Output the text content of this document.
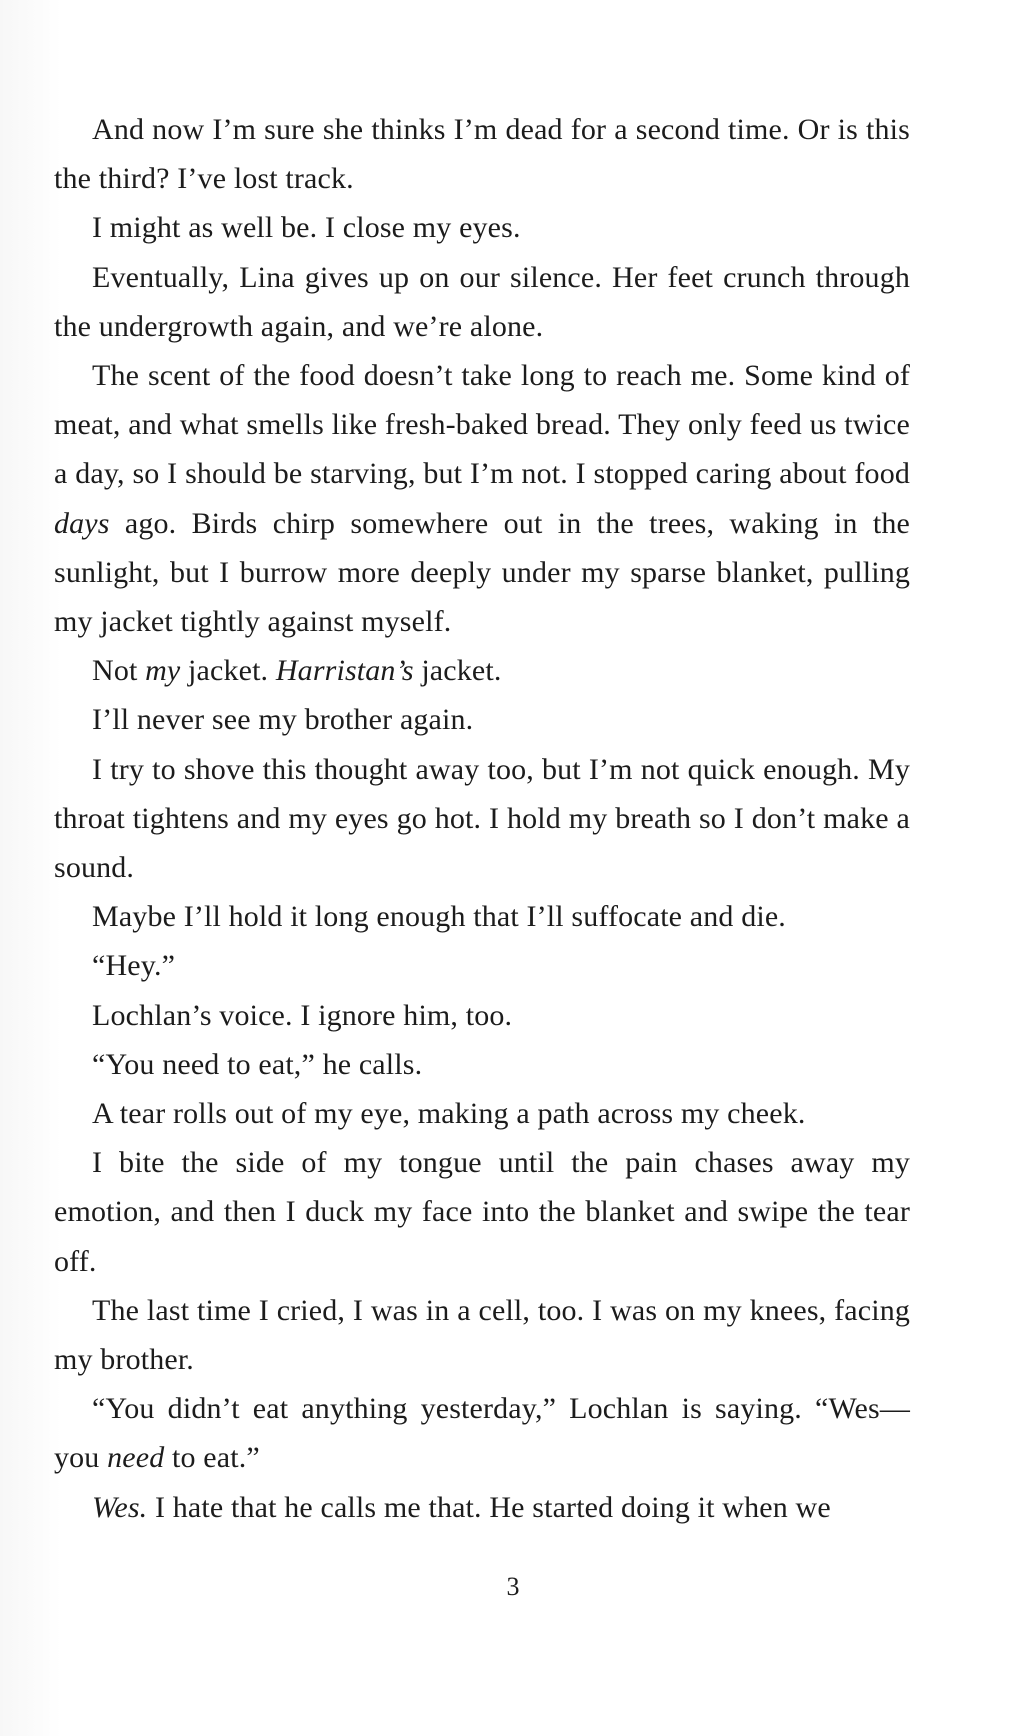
And now I’m sure she thinks I’m dead for a second time. Or is this the third? I’ve lost track.

I might as well be. I close my eyes.

Eventually, Lina gives up on our silence. Her feet crunch through the undergrowth again, and we’re alone.

The scent of the food doesn’t take long to reach me. Some kind of meat, and what smells like fresh-baked bread. They only feed us twice a day, so I should be starving, but I’m not. I stopped caring about food days ago. Birds chirp somewhere out in the trees, waking in the sunlight, but I burrow more deeply under my sparse blanket, pulling my jacket tightly against myself.

Not my jacket. Harristan’s jacket.

I’ll never see my brother again.

I try to shove this thought away too, but I’m not quick enough. My throat tightens and my eyes go hot. I hold my breath so I don’t make a sound.

Maybe I’ll hold it long enough that I’ll suffocate and die.

“Hey.”

Lochlan’s voice. I ignore him, too.

“You need to eat,” he calls.

A tear rolls out of my eye, making a path across my cheek.

I bite the side of my tongue until the pain chases away my emotion, and then I duck my face into the blanket and swipe the tear off.

The last time I cried, I was in a cell, too. I was on my knees, facing my brother.

“You didn’t eat anything yesterday,” Lochlan is saying. “Wes—you need to eat.”

Wes. I hate that he calls me that. He started doing it when we

3
